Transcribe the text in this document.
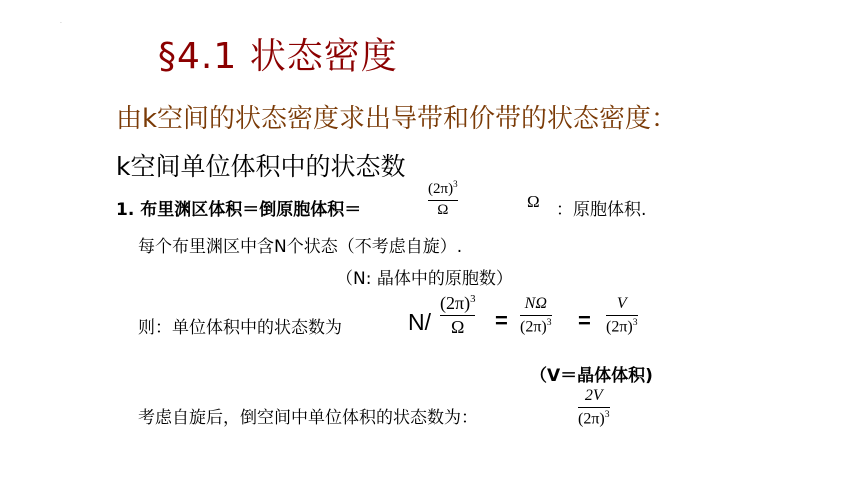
·
§4.1 状态密度
由k空间的状态密度求出导带和价带的状态密度：
k空间单位体积中的状态数
1. 布里渊区体积＝倒原胞体积＝
$(2\pi)^3$
Ω	Ω ：原胞体积.
每个布里渊区中含N个状态（不考虑自旋）.
（N: 晶体中的原胞数）
则：单位体积中的状态数为	N/
$(2\pi)^3$
Ω =
NΩ
$(2\pi)^3$ =
V
$(2\pi)^3$
（V＝晶体体积)
考虑自旋后，倒空间中单位体积的状态数为：
2V
$(2\pi)^3$
